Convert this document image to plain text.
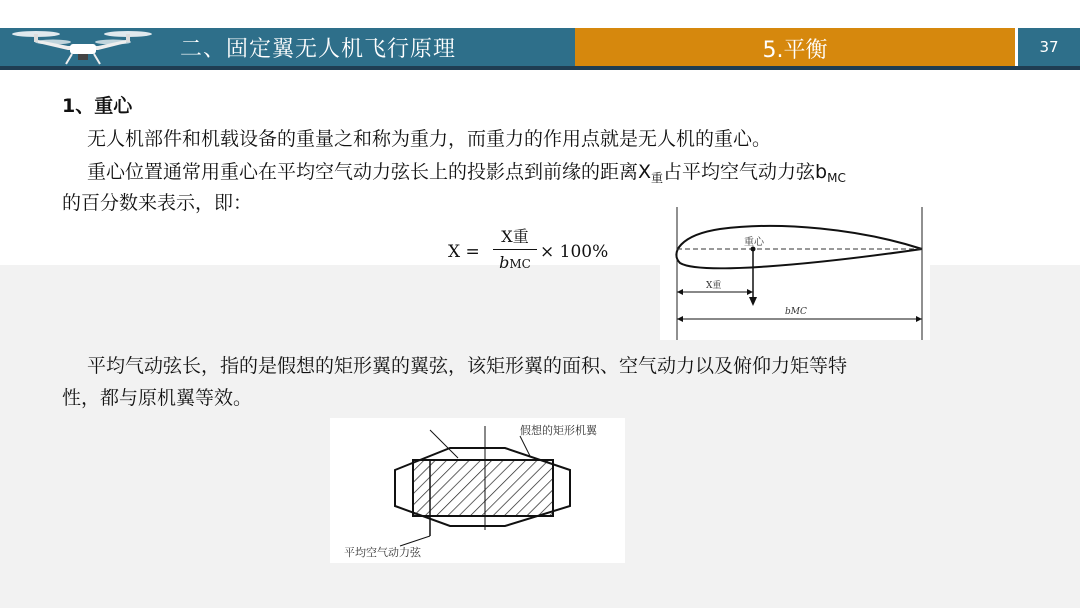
二、固定翼无人机飞行原理	5.平衡	37
1、重心
无人机部件和机载设备的重量之和称为重力，而重力的作用点就是无人机的重心。
重心位置通常用重心在平均空气动力弦长上的投影点到前缘的距离$X_重$占平均空气动力弦$b_{MC}$
的百分数来表示，即：
X =
X重
bMC
× 100%	重心
X重
bMC
平均气动弦长，指的是假想的矩形翼的翼弦，该矩形翼的面积、空气动力以及俯仰力矩等特
性，都与原机翼等效。
假想的矩形机翼
平均空气动力弦
